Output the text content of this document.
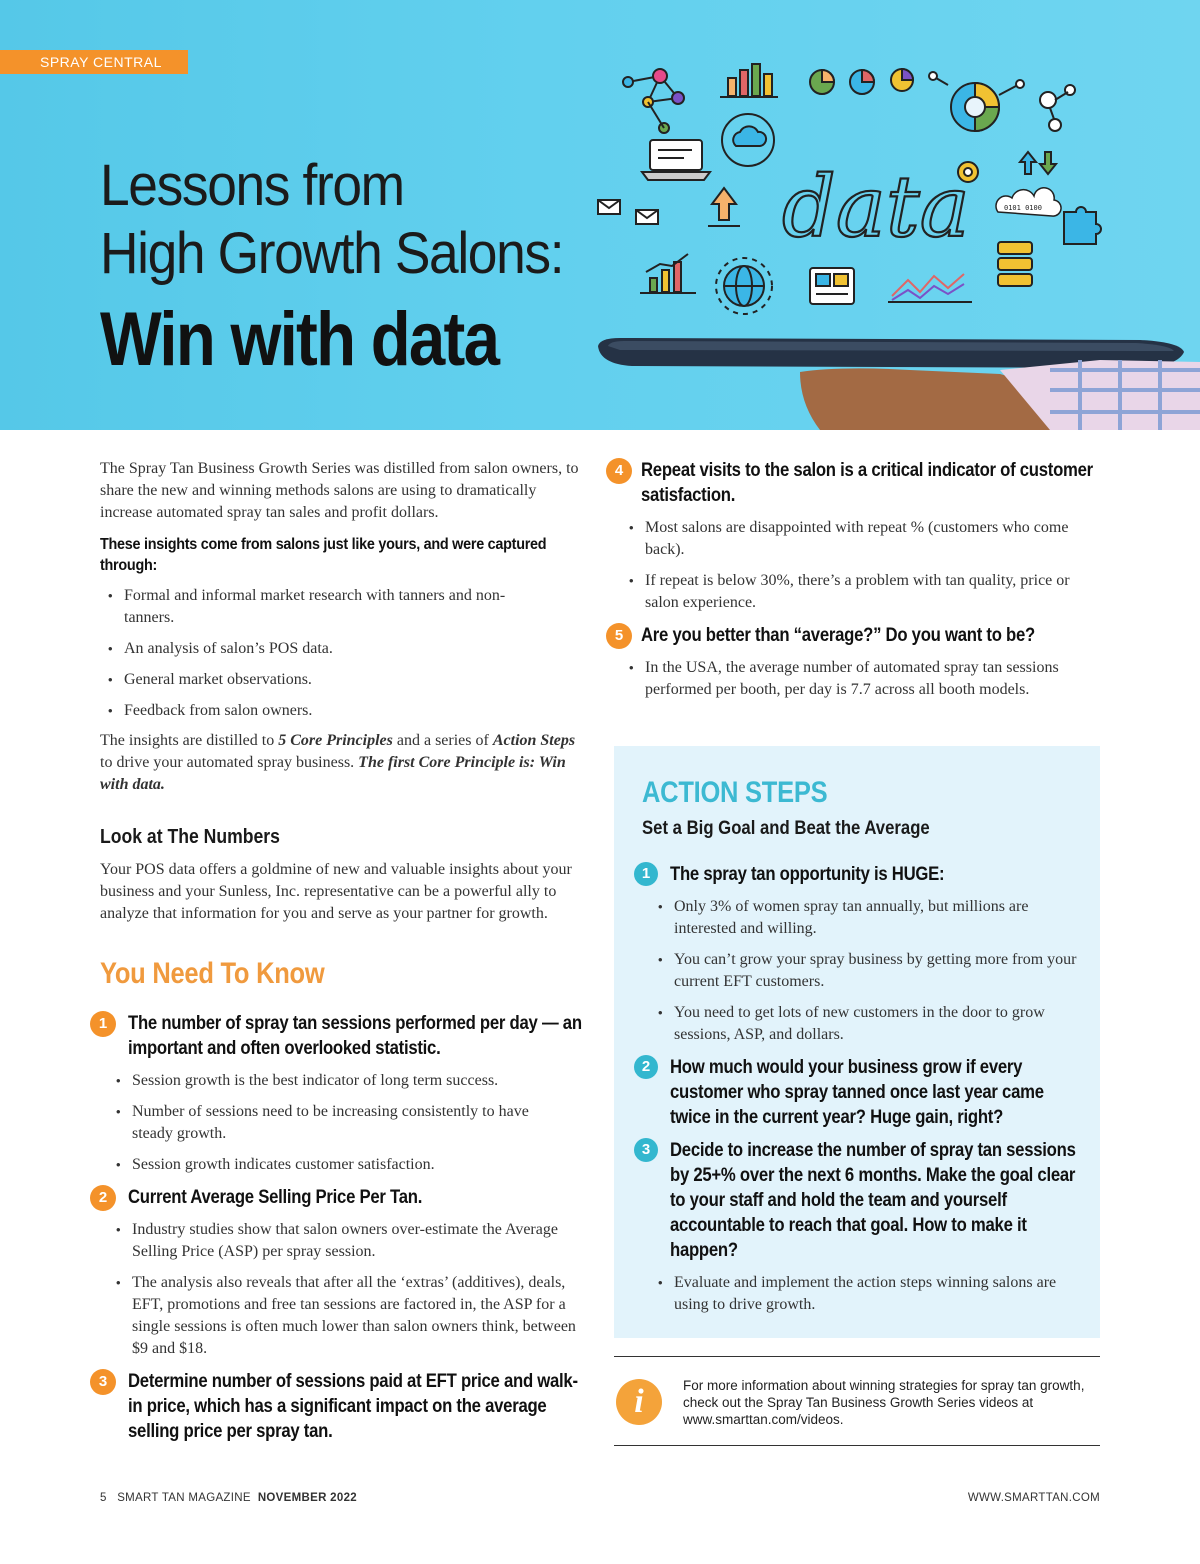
SPRAY CENTRAL
Lessons from
High Growth Salons:
Win with data
data	0101 0100

The Spray Tan Business Growth Series was distilled from salon owners, to share the new and winning methods salons are using to dramatically increase automated spray tan sales and profit dollars.

These insights come from salons just like yours, and were captured through:
• Formal and informal market research with tanners and non-tanners.
• An analysis of salon’s POS data.
• General market observations.
• Feedback from salon owners.

The insights are distilled to 5 Core Principles and a series of Action Steps to drive your automated spray business. The first Core Principle is: Win with data.

Look at The Numbers

Your POS data offers a goldmine of new and valuable insights about your business and your Sunless, Inc. representative can be a powerful ally to analyze that information for you and serve as your partner for growth.

You Need To Know
1	The number of spray tan sessions performed per day — an important and often overlooked statistic.
• Session growth is the best indicator of long term success.
• Number of sessions need to be increasing consistently to have steady growth.
• Session growth indicates customer satisfaction.
2	Current Average Selling Price Per Tan.
• Industry studies show that salon owners over-estimate the Average Selling Price (ASP) per spray session.
• The analysis also reveals that after all the ‘extras’ (additives), deals, EFT, promotions and free tan sessions are factored in, the ASP for a single sessions is often much lower than salon owners think, between $9 and $18.
3	Determine number of sessions paid at EFT price and walk-in price, which has a significant impact on the average selling price per spray tan.
4 Repeat visits to the salon is a critical indicator of customer satisfaction.
• Most salons are disappointed with repeat % (customers who come back).
• If repeat is below 30%, there’s a problem with tan quality, price or salon experience.
5 Are you better than “average?” Do you want to be?
• In the USA, the average number of automated spray tan sessions performed per booth, per day is 7.7 across all booth models.
ACTION STEPS
Set a Big Goal and Beat the Average
1	The spray tan opportunity is HUGE:
• Only 3% of women spray tan annually, but millions are interested and willing.
• You can’t grow your spray business by getting more from your current EFT customers.
• You need to get lots of new customers in the door to grow sessions, ASP, and dollars.
2	How much would your business grow if every customer who spray tanned once last year came twice in the current year? Huge gain, right?
3	Decide to increase the number of spray tan sessions by 25+% over the next 6 months. Make the goal clear to your staff and hold the team and yourself accountable to reach that goal. How to make it happen?
• Evaluate and implement the action steps winning salons are using to drive growth.
i	For more information about winning strategies for spray tan growth, check out the Spray Tan Business Growth Series videos at www.smarttan.com/videos.
5 SMART TAN MAGAZINE NOVEMBER 2022	WWW.SMARTTAN.COM
